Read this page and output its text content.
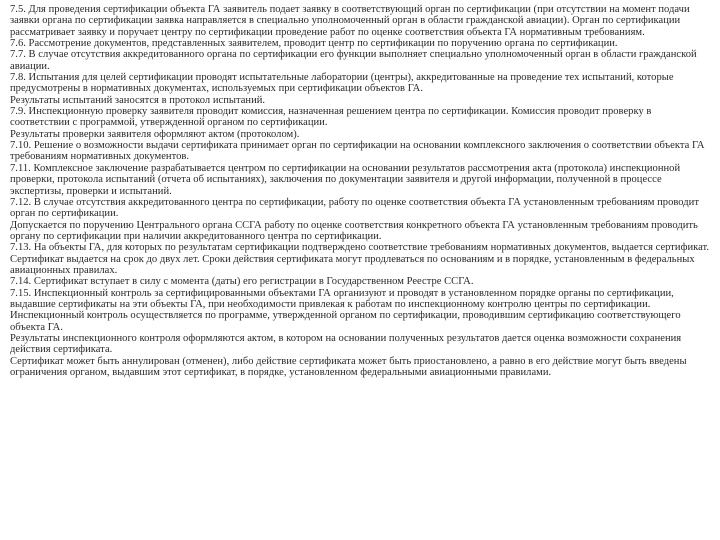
7.5. Для проведения сертификации объекта ГА заявитель подает заявку в соответствующий орган по сертификации (при отсутствии на момент подачи заявки органа по сертификации заявка направляется в специально уполномоченный орган в области гражданской авиации). Орган по сертификации рассматривает заявку и поручает центру по сертификации проведение работ по оценке соответствия объекта ГА нормативным требованиям.

7.6. Рассмотрение документов, представленных заявителем, проводит центр по сертификации по поручению органа по сертификации.

7.7. В случае отсутствия аккредитованного органа по сертификации его функции выполняет специально уполномоченный орган в области гражданской авиации.

7.8. Испытания для целей сертификации проводят испытательные лаборатории (центры), аккредитованные на проведение тех испытаний, которые предусмотрены в нормативных документах, используемых при сертификации объектов ГА.

Результаты испытаний заносятся в протокол испытаний.

7.9. Инспекционную проверку заявителя проводит комиссия, назначенная решением центра по сертификации. Комиссия проводит проверку в соответствии с программой, утвержденной органом по сертификации.

Результаты проверки заявителя оформляют актом (протоколом).

7.10. Решение о возможности выдачи сертификата принимает орган по сертификации на основании комплексного заключения о соответствии объекта ГА требованиям нормативных документов.

7.11. Комплексное заключение разрабатывается центром по сертификации на основании результатов рассмотрения акта (протокола) инспекционной проверки, протокола испытаний (отчета об испытаниях), заключения по документации заявителя и другой информации, полученной в процессе экспертизы, проверки и испытаний.

7.12. В случае отсутствия аккредитованного центра по сертификации, работу по оценке соответствия объекта ГА установленным требованиям проводит орган по сертификации.

Допускается по поручению Центрального органа ССГА работу по оценке соответствия конкретного объекта ГА установленным требованиям проводить органу по сертификации при наличии аккредитованного центра по сертификации.

7.13. На объекты ГА, для которых по результатам сертификации подтверждено соответствие требованиям нормативных документов, выдается сертификат.

Сертификат выдается на срок до двух лет. Сроки действия сертификата могут продлеваться по основаниям и в порядке, установленным в федеральных авиационных правилах.

7.14. Сертификат вступает в силу с момента (даты) его регистрации в Государственном Реестре ССГА.

7.15. Инспекционный контроль за сертифицированными объектами ГА организуют и проводят в установленном порядке органы по сертификации, выдавшие сертификаты на эти объекты ГА, при необходимости привлекая к работам по инспекционному контролю центры по сертификации.

Инспекционный контроль осуществляется по программе, утвержденной органом по сертификации, проводившим сертификацию соответствующего объекта ГА.

Результаты инспекционного контроля оформляются актом, в котором на основании полученных результатов дается оценка возможности сохранения действия сертификата.

Сертификат может быть аннулирован (отменен), либо действие сертификата может быть приостановлено, а равно в его действие могут быть введены ограничения органом, выдавшим этот сертификат, в порядке, установленном федеральными авиационными правилами.
